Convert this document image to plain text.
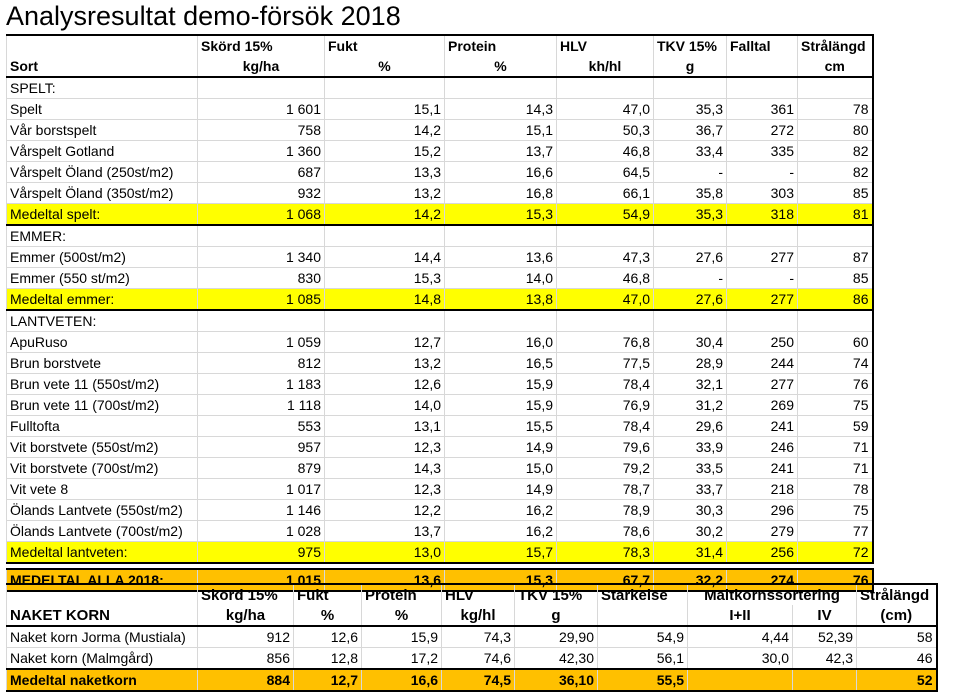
Analysresultat demo-försök 2018
	Skörd 15%	Fukt	Protein	HLV	TKV 15%	Falltal	Strålängd
Sort	kg/ha	%	%	kh/hl	g		cm
SPELT:							
Spelt	1 601	15,1	14,3	47,0	35,3	361	78
Vår borstspelt	758	14,2	15,1	50,3	36,7	272	80
Vårspelt Gotland	1 360	15,2	13,7	46,8	33,4	335	82
Vårspelt Öland (250st/m2)	687	13,3	16,6	64,5	-	-	82
Vårspelt Öland (350st/m2)	932	13,2	16,8	66,1	35,8	303	85
Medeltal spelt:	1 068	14,2	15,3	54,9	35,3	318	81
EMMER:							
Emmer (500st/m2)	1 340	14,4	13,6	47,3	27,6	277	87
Emmer (550 st/m2)	830	15,3	14,0	46,8	-	-	85
Medeltal emmer:	1 085	14,8	13,8	47,0	27,6	277	86
LANTVETEN:							
ApuRuso	1 059	12,7	16,0	76,8	30,4	250	60
Brun borstvete	812	13,2	16,5	77,5	28,9	244	74
Brun vete 11 (550st/m2)	1 183	12,6	15,9	78,4	32,1	277	76
Brun vete 11 (700st/m2)	1 118	14,0	15,9	76,9	31,2	269	75
Fulltofta	553	13,1	15,5	78,4	29,6	241	59
Vit borstvete (550st/m2)	957	12,3	14,9	79,6	33,9	246	71
Vit borstvete (700st/m2)	879	14,3	15,0	79,2	33,5	241	71
Vit vete 8	1 017	12,3	14,9	78,7	33,7	218	78
Ölands Lantvete (550st/m2)	1 146	12,2	16,2	78,9	30,3	296	75
Ölands Lantvete (700st/m2)	1 028	13,7	16,2	78,6	30,2	279	77
Medeltal lantveten:	975	13,0	15,7	78,3	31,4	256	72

MEDELTAL ALLA 2018:	1 015	13,6	15,3	67,7	32,2	274	76
	Skörd 15%	Fukt	Protein	HLV	TKV 15%	Stärkelse	Maltkornssortering		Strålängd
NAKET KORN	kg/ha	%	%	kg/hl	g		I+II	IV	(cm)
Naket korn Jorma (Mustiala)	912	12,6	15,9	74,3	29,90	54,9	4,44	52,39	58
Naket korn (Malmgård)	856	12,8	17,2	74,6	42,30	56,1	30,0	42,3	46
Medeltal naketkorn	884	12,7	16,6	74,5	36,10	55,5			52
